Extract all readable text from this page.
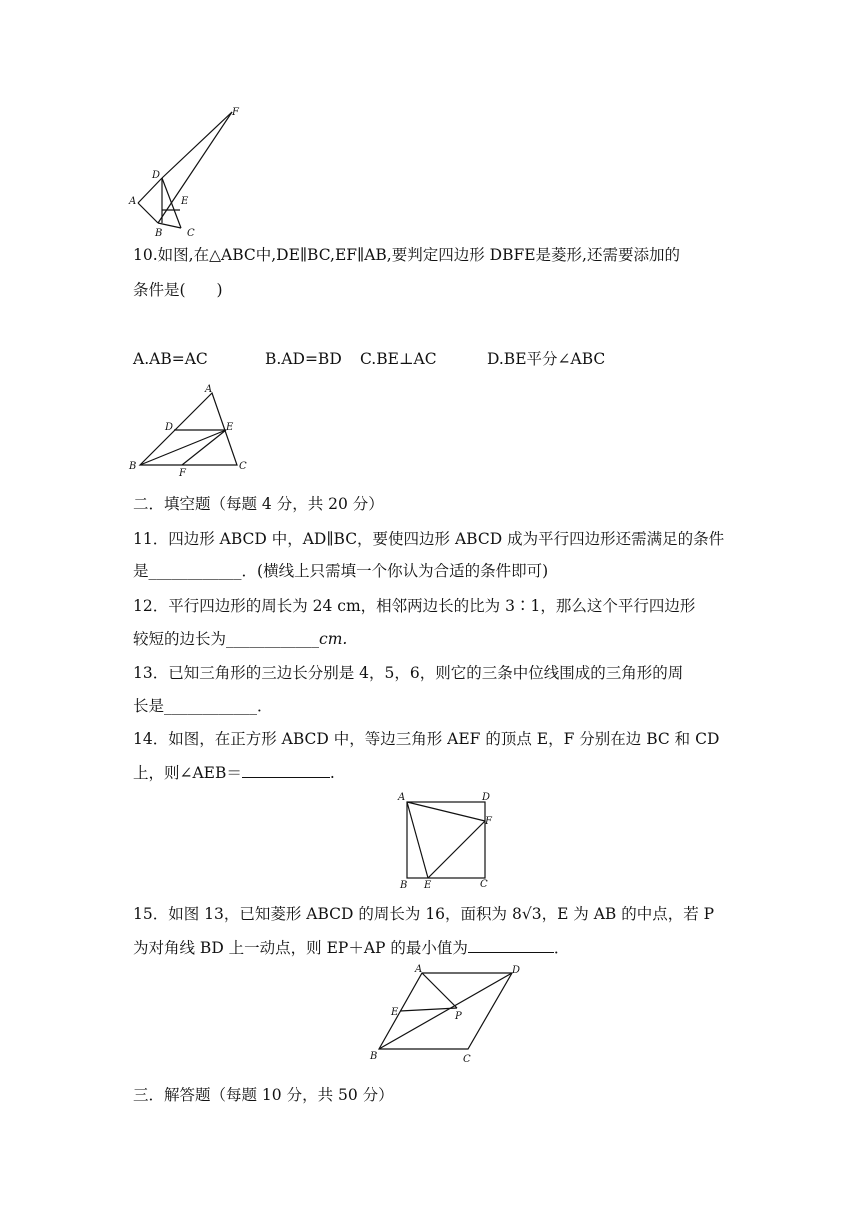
F
D
A	E
B C
10.如图,在△ABC中,DE∥BC,EF∥AB,要判定四边形 DBFE是菱形,还需要添加的
条件是(　　)
A.AB=AC	B.AD=BD C.BE⊥AC	D.BE平分∠ABC
A
D	E
B
F
C
二．填空题（每题 4 分，共 20 分）
11．四边形 ABCD 中，AD∥BC，要使四边形 ABCD 成为平行四边形还需满足的条件
是____________．(横线上只需填一个你认为合适的条件即可)
12．平行四边形的周长为 24 cm，相邻两边长的比为 3∶1，那么这个平行四边形
较短的边长为____________cm.
13．已知三角形的三边长分别是 4，5，6，则它的三条中位线围成的三角形的周
长是____________．
14．如图，在正方形 ABCD 中，等边三角形 AEF 的顶点 E，F 分别在边 BC 和 CD
上，则∠AEB＝	.
A	D
F
B E	C
15．如图 13，已知菱形 ABCD 的周长为 16，面积为 8√3，E 为 AB 的中点，若 P
为对角线 BD 上一动点，则 EP＋AP 的最小值为	．
A	D
E	P
B	C
三．解答题（每题 10 分，共 50 分）
